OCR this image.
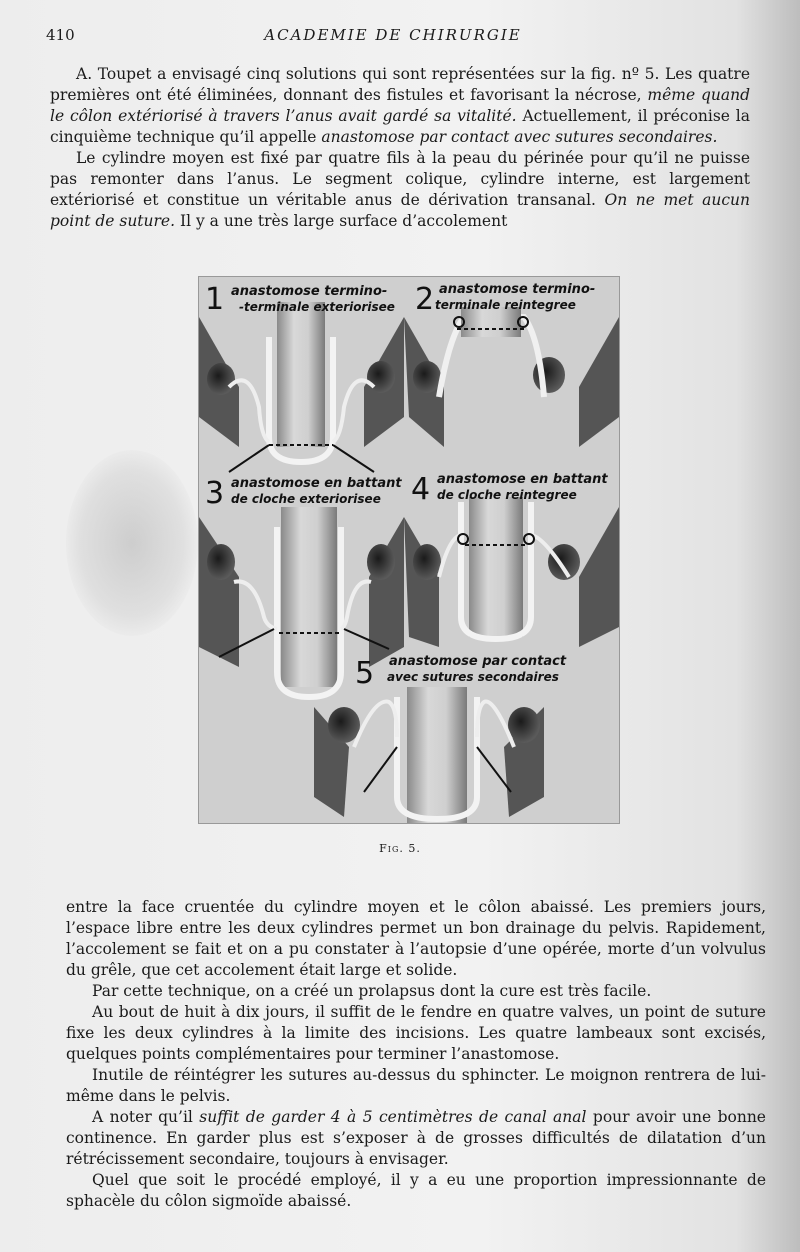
410	ACADEMIE DE CHIRURGIE

A. Toupet a envisagé cinq solutions qui sont représentées sur la fig. nº 5. Les quatre premières ont été éliminées, donnant des fistules et favorisant la nécrose, même quand le côlon extériorisé à travers l’anus avait gardé sa vitalité. Actuellement, il préconise la cinquième technique qu’il appelle anastomose par contact avec sutures secondaires.

Le cylindre moyen est fixé par quatre fils à la peau du périnée pour qu’il ne puisse pas remonter dans l’anus. Le segment colique, cylindre interne, est largement extériorisé et constitue un véritable anus de dérivation transanal. On ne met aucun point de suture. Il y a une très large surface d’accolement

1 anastomose termino-
-terminale exteriorisee 2 anastomose termino-
terminale reintegree
3 anastomose en battant
de cloche exteriorisee 4 anastomose en battant
de cloche reintegree
5 anastomose par contact
avec sutures secondaires
Fig. 5.

entre la face cruentée du cylindre moyen et le côlon abaissé. Les premiers jours, l’espace libre entre les deux cylindres permet un bon drainage du pelvis. Rapidement, l’accolement se fait et on a pu constater à l’autopsie d’une opérée, morte d’un volvulus du grêle, que cet accolement était large et solide.

Par cette technique, on a créé un prolapsus dont la cure est très facile.

Au bout de huit à dix jours, il suffit de le fendre en quatre valves, un point de suture fixe les deux cylindres à la limite des incisions. Les quatre lambeaux sont excisés, quelques points complémentaires pour terminer l’anastomose.

Inutile de réintégrer les sutures au-dessus du sphincter. Le moignon rentrera de lui-même dans le pelvis.

A noter qu’il suffit de garder 4 à 5 centimètres de canal anal pour avoir une bonne continence. En garder plus est s’exposer à de grosses difficultés de dilatation d’un rétrécissement secondaire, toujours à envisager.

Quel que soit le procédé employé, il y a eu une proportion impressionnante de sphacèle du côlon sigmoïde abaissé.
